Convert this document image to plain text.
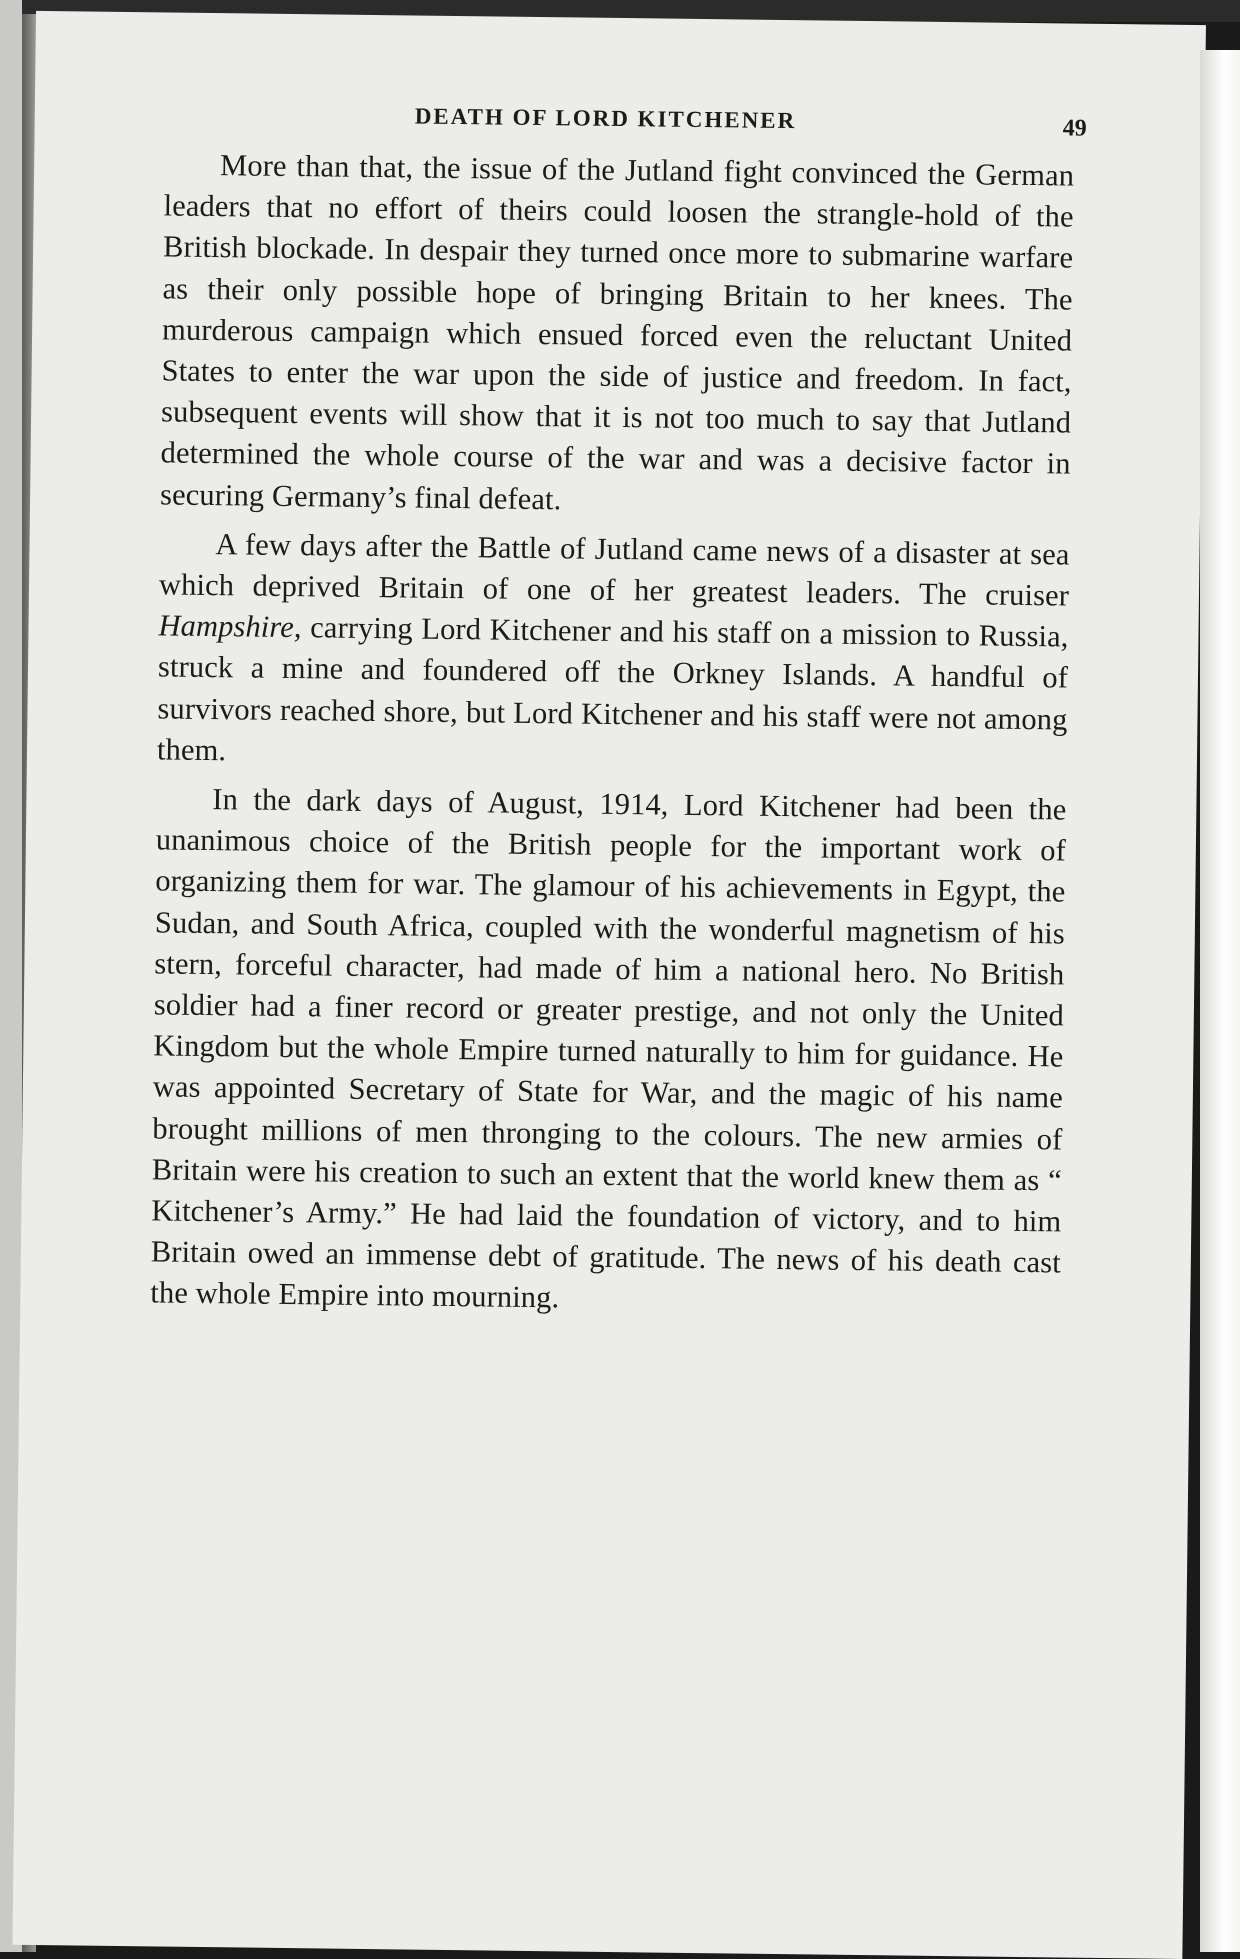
DEATH OF LORD KITCHENER	49

More than that, the issue of the Jutland fight convinced the German leaders that no effort of theirs could loosen the strangle-hold of the British blockade. In despair they turned once more to submarine warfare as their only possible hope of bringing Britain to her knees. The murderous campaign which ensued forced even the reluctant United States to enter the war upon the side of justice and freedom. In fact, subsequent events will show that it is not too much to say that Jutland determined the whole course of the war and was a decisive factor in securing Germany’s final defeat.

A few days after the Battle of Jutland came news of a disaster at sea which deprived Britain of one of her greatest leaders. The cruiser Hampshire, carrying Lord Kitchener and his staff on a mission to Russia, struck a mine and foundered off the Orkney Islands. A handful of survivors reached shore, but Lord Kitchener and his staff were not among them.

In the dark days of August, 1914, Lord Kitchener had been the unanimous choice of the British people for the important work of organizing them for war. The glamour of his achievements in Egypt, the Sudan, and South Africa, coupled with the wonderful magnetism of his stern, forceful character, had made of him a national hero. No British soldier had a finer record or greater prestige, and not only the United Kingdom but the whole Empire turned naturally to him for guidance. He was appointed Secretary of State for War, and the magic of his name brought millions of men thronging to the colours. The new armies of Britain were his creation to such an extent that the world knew them as “ Kitchener’s Army.” He had laid the foundation of victory, and to him Britain owed an immense debt of gratitude. The news of his death cast the whole Empire into mourning.
